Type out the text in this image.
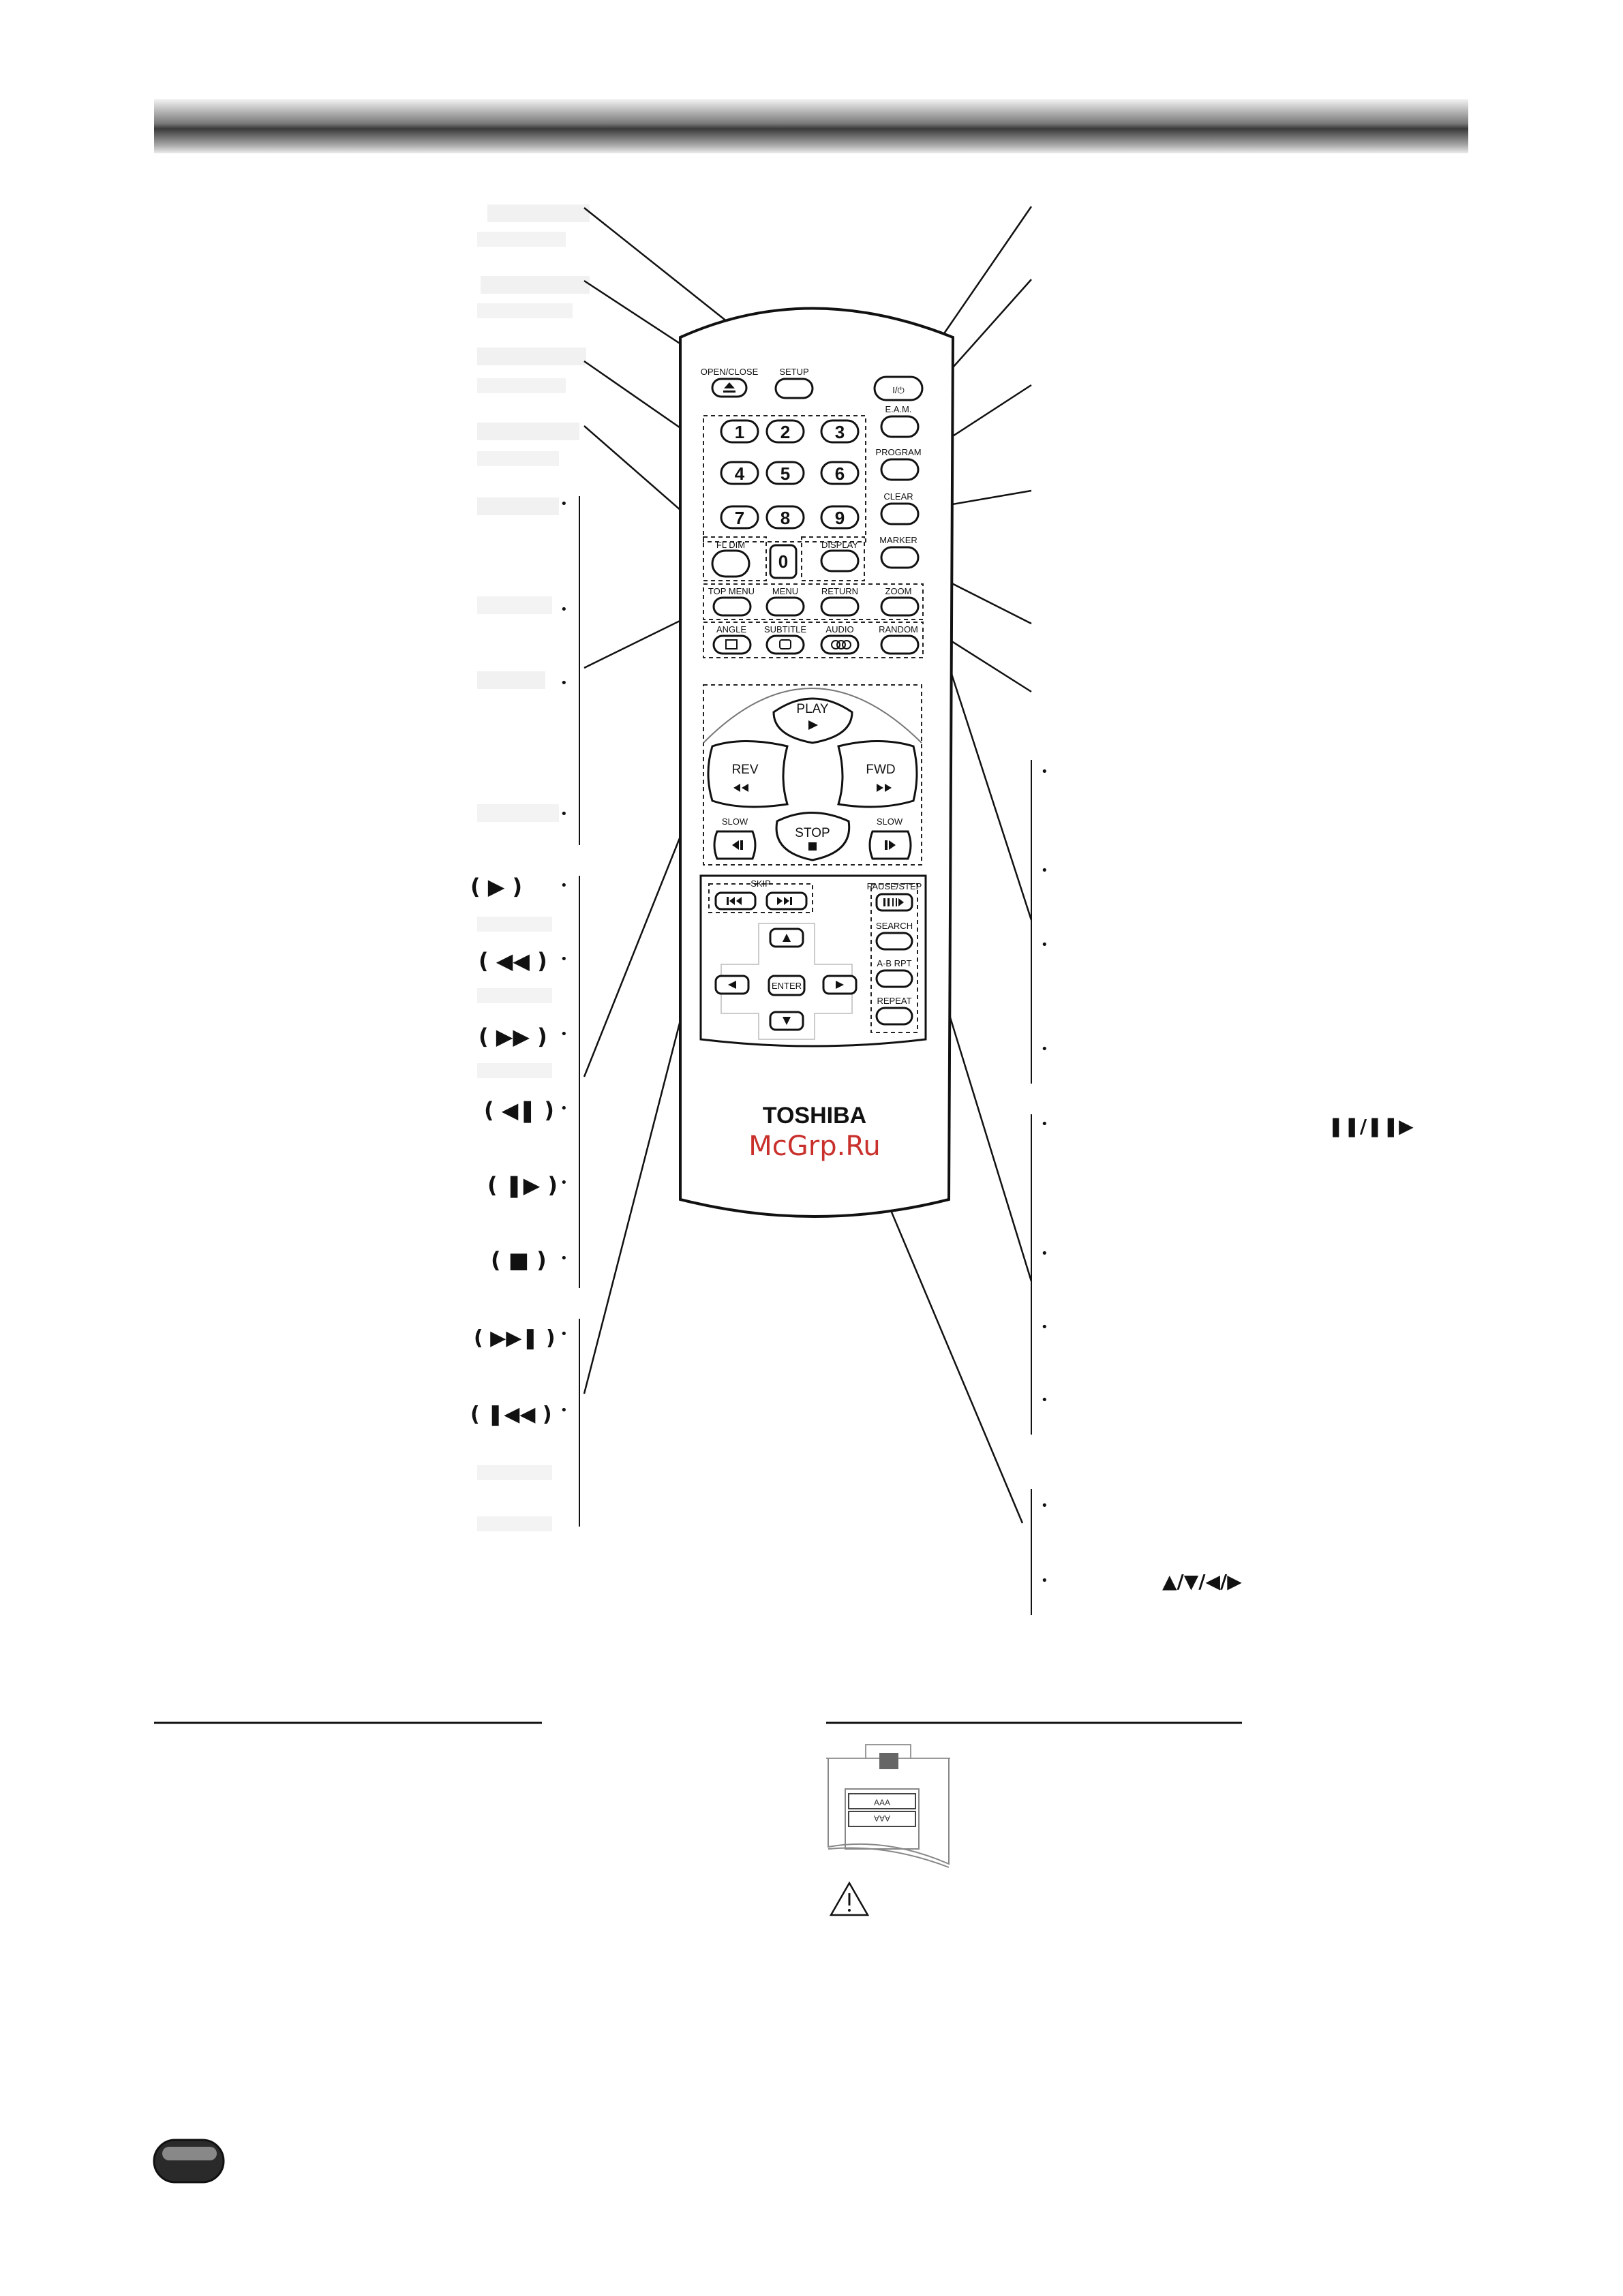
•
•
•
•
•
•
•
•
•
•
•
•
( ▶ )
( ◀◀ )
( ▶▶ )
( ◀❚ )
( ❚▶ )
( ■ )
( ▶▶❚ )
( ❚◀◀ )
•
•
•
•
•
•
•
•
•
•
❚❚/❚❚▶
▲/▼/◀/▶
OPEN/CLOSE SETUP
I/⏻
1 2	3
4 5	6
7 8	9
FL DIM
0
DISPLAY
E.A.M.
PROGRAM
CLEAR
MARKER
TOP MENU MENU	RETURN	ZOOM
ANGLE SUBTITLE AUDIO	RANDOM
PLAY
REV	FWD
SLOW
STOP
SLOW
SKIP	PAUSE/STEP
SEARCH
A-B RPT
REPEAT
ENTER
TOSHIBA
McGrp.Ru
AAA
AAA
